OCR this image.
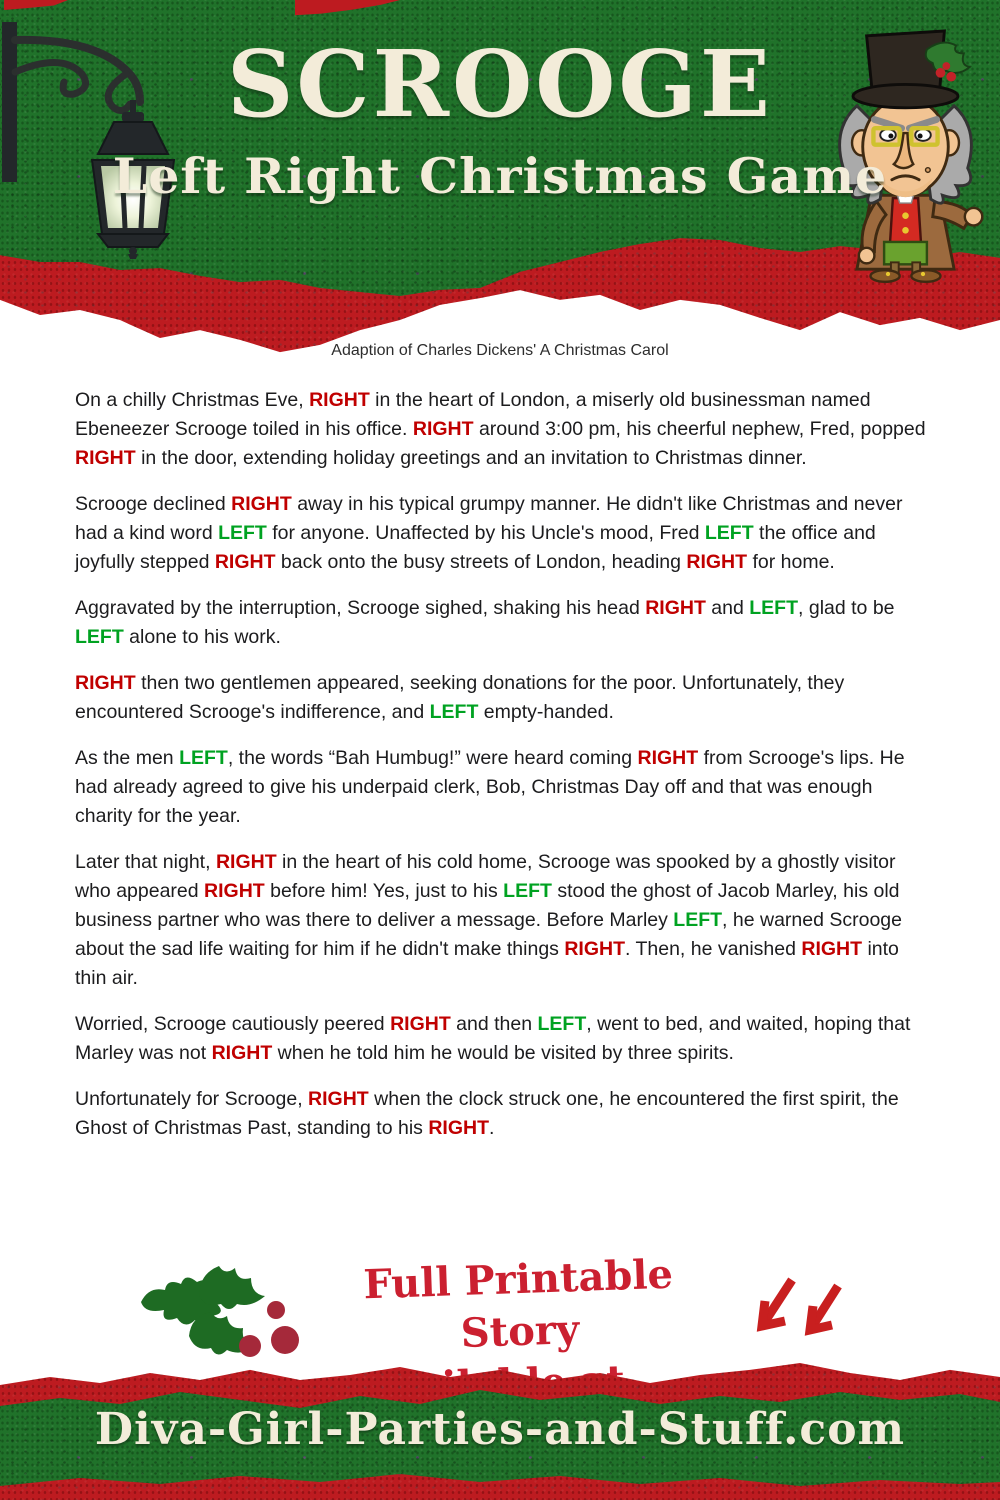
SCROOGE
Left Right Christmas Game
Adaption of Charles Dickens' A Christmas Carol

On a chilly Christmas Eve, RIGHT in the heart of London, a miserly old businessman named Ebeneezer Scrooge toiled in his office. RIGHT around 3:00 pm, his cheerful nephew, Fred, popped RIGHT in the door, extending holiday greetings and an invitation to Christmas dinner.

Scrooge declined RIGHT away in his typical grumpy manner. He didn't like Christmas and never had a kind word LEFT for anyone. Unaffected by his Uncle's mood, Fred LEFT the office and joyfully stepped RIGHT back onto the busy streets of London, heading RIGHT for home.

Aggravated by the interruption, Scrooge sighed, shaking his head RIGHT and LEFT, glad to be LEFT alone to his work.

RIGHT then two gentlemen appeared, seeking donations for the poor. Unfortunately, they encountered Scrooge's indifference, and LEFT empty-handed.

As the men LEFT, the words “Bah Humbug!” were heard coming RIGHT from Scrooge's lips. He had already agreed to give his underpaid clerk, Bob, Christmas Day off and that was enough charity for the year.

Later that night, RIGHT in the heart of his cold home, Scrooge was spooked by a ghostly visitor who appeared RIGHT before him! Yes, just to his LEFT stood the ghost of Jacob Marley, his old business partner who was there to deliver a message. Before Marley LEFT, he warned Scrooge about the sad life waiting for him if he didn't make things RIGHT. Then, he vanished RIGHT into thin air.

Worried, Scrooge cautiously peered RIGHT and then LEFT, went to bed, and waited, hoping that Marley was not RIGHT when he told him he would be visited by three spirits.

Unfortunately for Scrooge, RIGHT when the clock struck one, he encountered the first spirit, the Ghost of Christmas Past, standing to his RIGHT.

Full Printable Story
Diva-Girl-Parties-and-Stuff.com
